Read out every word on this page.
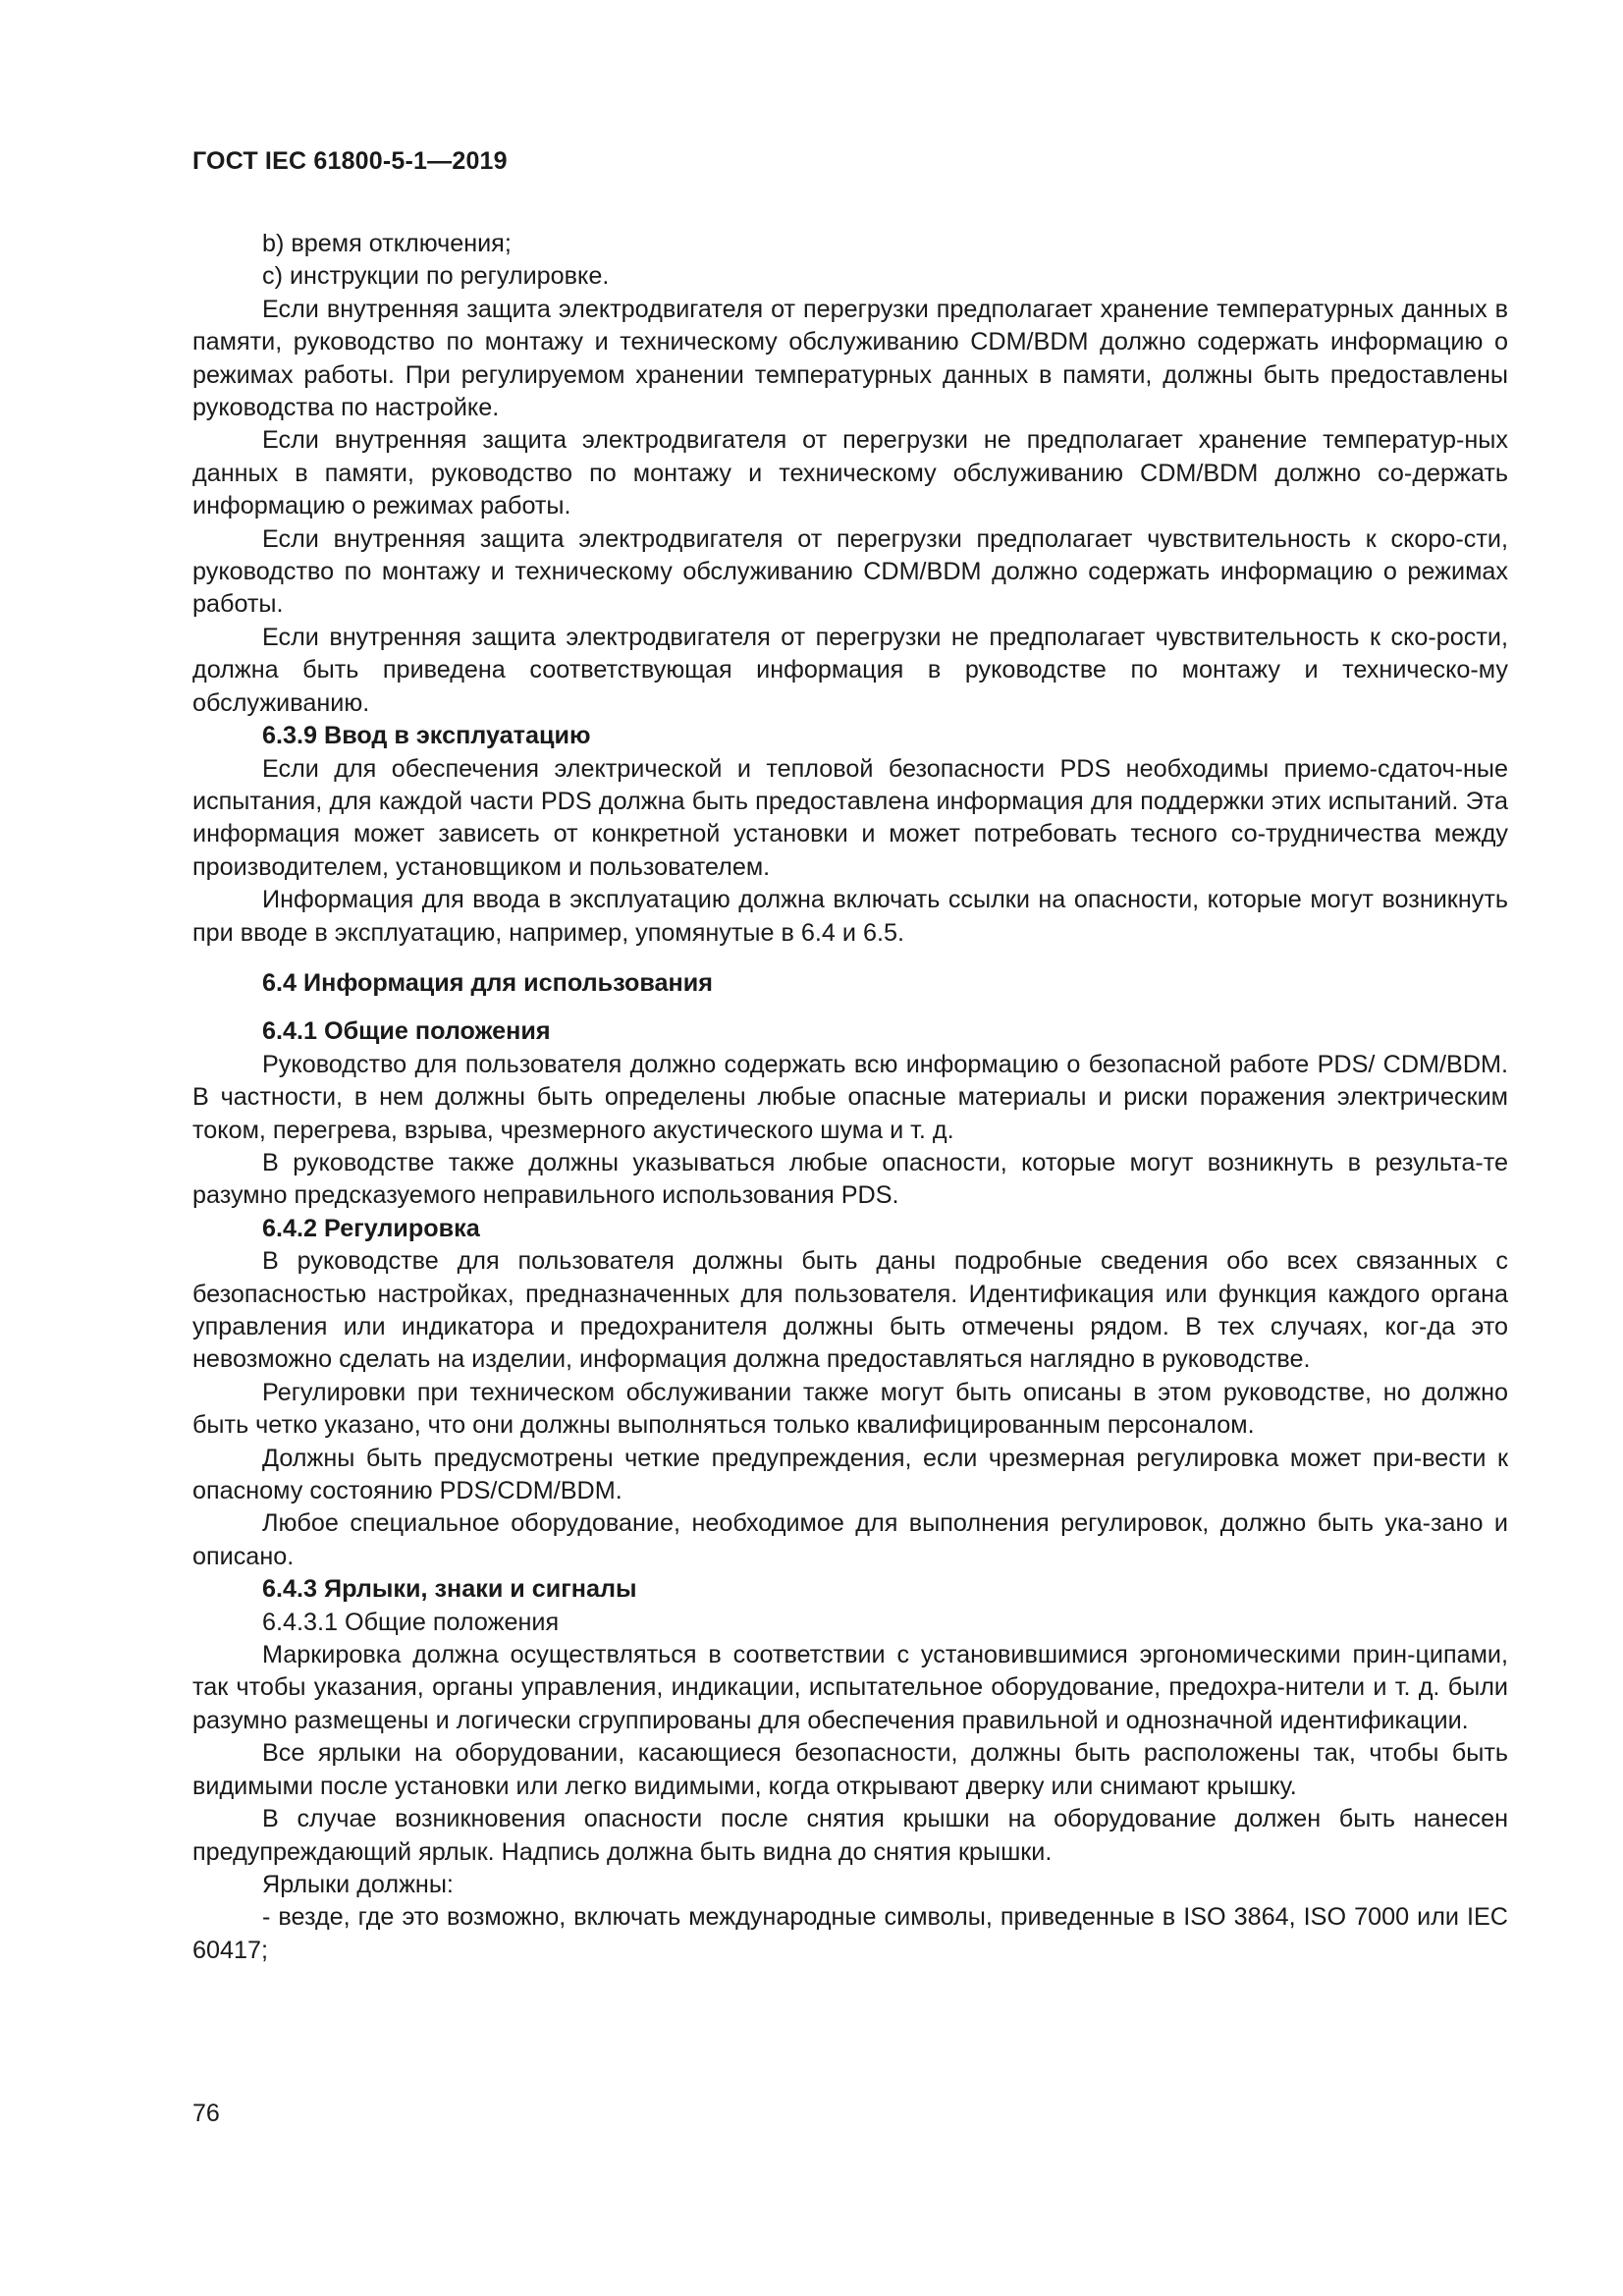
ГОСТ IEC 61800-5-1—2019

b) время отключения;

c) инструкции по регулировке.

Если внутренняя защита электродвигателя от перегрузки предполагает хранение температурных данных в памяти, руководство по монтажу и техническому обслуживанию CDM/BDM должно содержать информацию о режимах работы. При регулируемом хранении температурных данных в памяти, должны быть предоставлены руководства по настройке.

Если внутренняя защита электродвигателя от перегрузки не предполагает хранение температур-ных данных в памяти, руководство по монтажу и техническому обслуживанию CDM/BDM должно со-держать информацию о режимах работы.

Если внутренняя защита электродвигателя от перегрузки предполагает чувствительность к скоро-сти, руководство по монтажу и техническому обслуживанию CDM/BDM должно содержать информацию о режимах работы.

Если внутренняя защита электродвигателя от перегрузки не предполагает чувствительность к ско-рости, должна быть приведена соответствующая информация в руководстве по монтажу и техническо-му обслуживанию.

6.3.9 Ввод в эксплуатацию

Если для обеспечения электрической и тепловой безопасности PDS необходимы приемо-сдаточ-ные испытания, для каждой части PDS должна быть предоставлена информация для поддержки этих испытаний. Эта информация может зависеть от конкретной установки и может потребовать тесного со-трудничества между производителем, установщиком и пользователем.

Информация для ввода в эксплуатацию должна включать ссылки на опасности, которые могут возникнуть при вводе в эксплуатацию, например, упомянутые в 6.4 и 6.5.

6.4 Информация для использования
6.4.1 Общие положения

Руководство для пользователя должно содержать всю информацию о безопасной работе PDS/ CDM/BDM. В частности, в нем должны быть определены любые опасные материалы и риски поражения электрическим током, перегрева, взрыва, чрезмерного акустического шума и т. д.

В руководстве также должны указываться любые опасности, которые могут возникнуть в результа-те разумно предсказуемого неправильного использования PDS.

6.4.2 Регулировка

В руководстве для пользователя должны быть даны подробные сведения обо всех связанных с безопасностью настройках, предназначенных для пользователя. Идентификация или функция каждого органа управления или индикатора и предохранителя должны быть отмечены рядом. В тех случаях, ког-да это невозможно сделать на изделии, информация должна предоставляться наглядно в руководстве.

Регулировки при техническом обслуживании также могут быть описаны в этом руководстве, но должно быть четко указано, что они должны выполняться только квалифицированным персоналом.

Должны быть предусмотрены четкие предупреждения, если чрезмерная регулировка может при-вести к опасному состоянию PDS/CDM/BDM.

Любое специальное оборудование, необходимое для выполнения регулировок, должно быть ука-зано и описано.

6.4.3 Ярлыки, знаки и сигналы
6.4.3.1 Общие положения

Маркировка должна осуществляться в соответствии с установившимися эргономическими прин-ципами, так чтобы указания, органы управления, индикации, испытательное оборудование, предохра-нители и т. д. были разумно размещены и логически сгруппированы для обеспечения правильной и однозначной идентификации.

Все ярлыки на оборудовании, касающиеся безопасности, должны быть расположены так, чтобы быть видимыми после установки или легко видимыми, когда открывают дверку или снимают крышку.

В случае возникновения опасности после снятия крышки на оборудование должен быть нанесен предупреждающий ярлык. Надпись должна быть видна до снятия крышки.

Ярлыки должны:

- везде, где это возможно, включать международные символы, приведенные в ISO 3864, ISO 7000 или IEC 60417;

76
